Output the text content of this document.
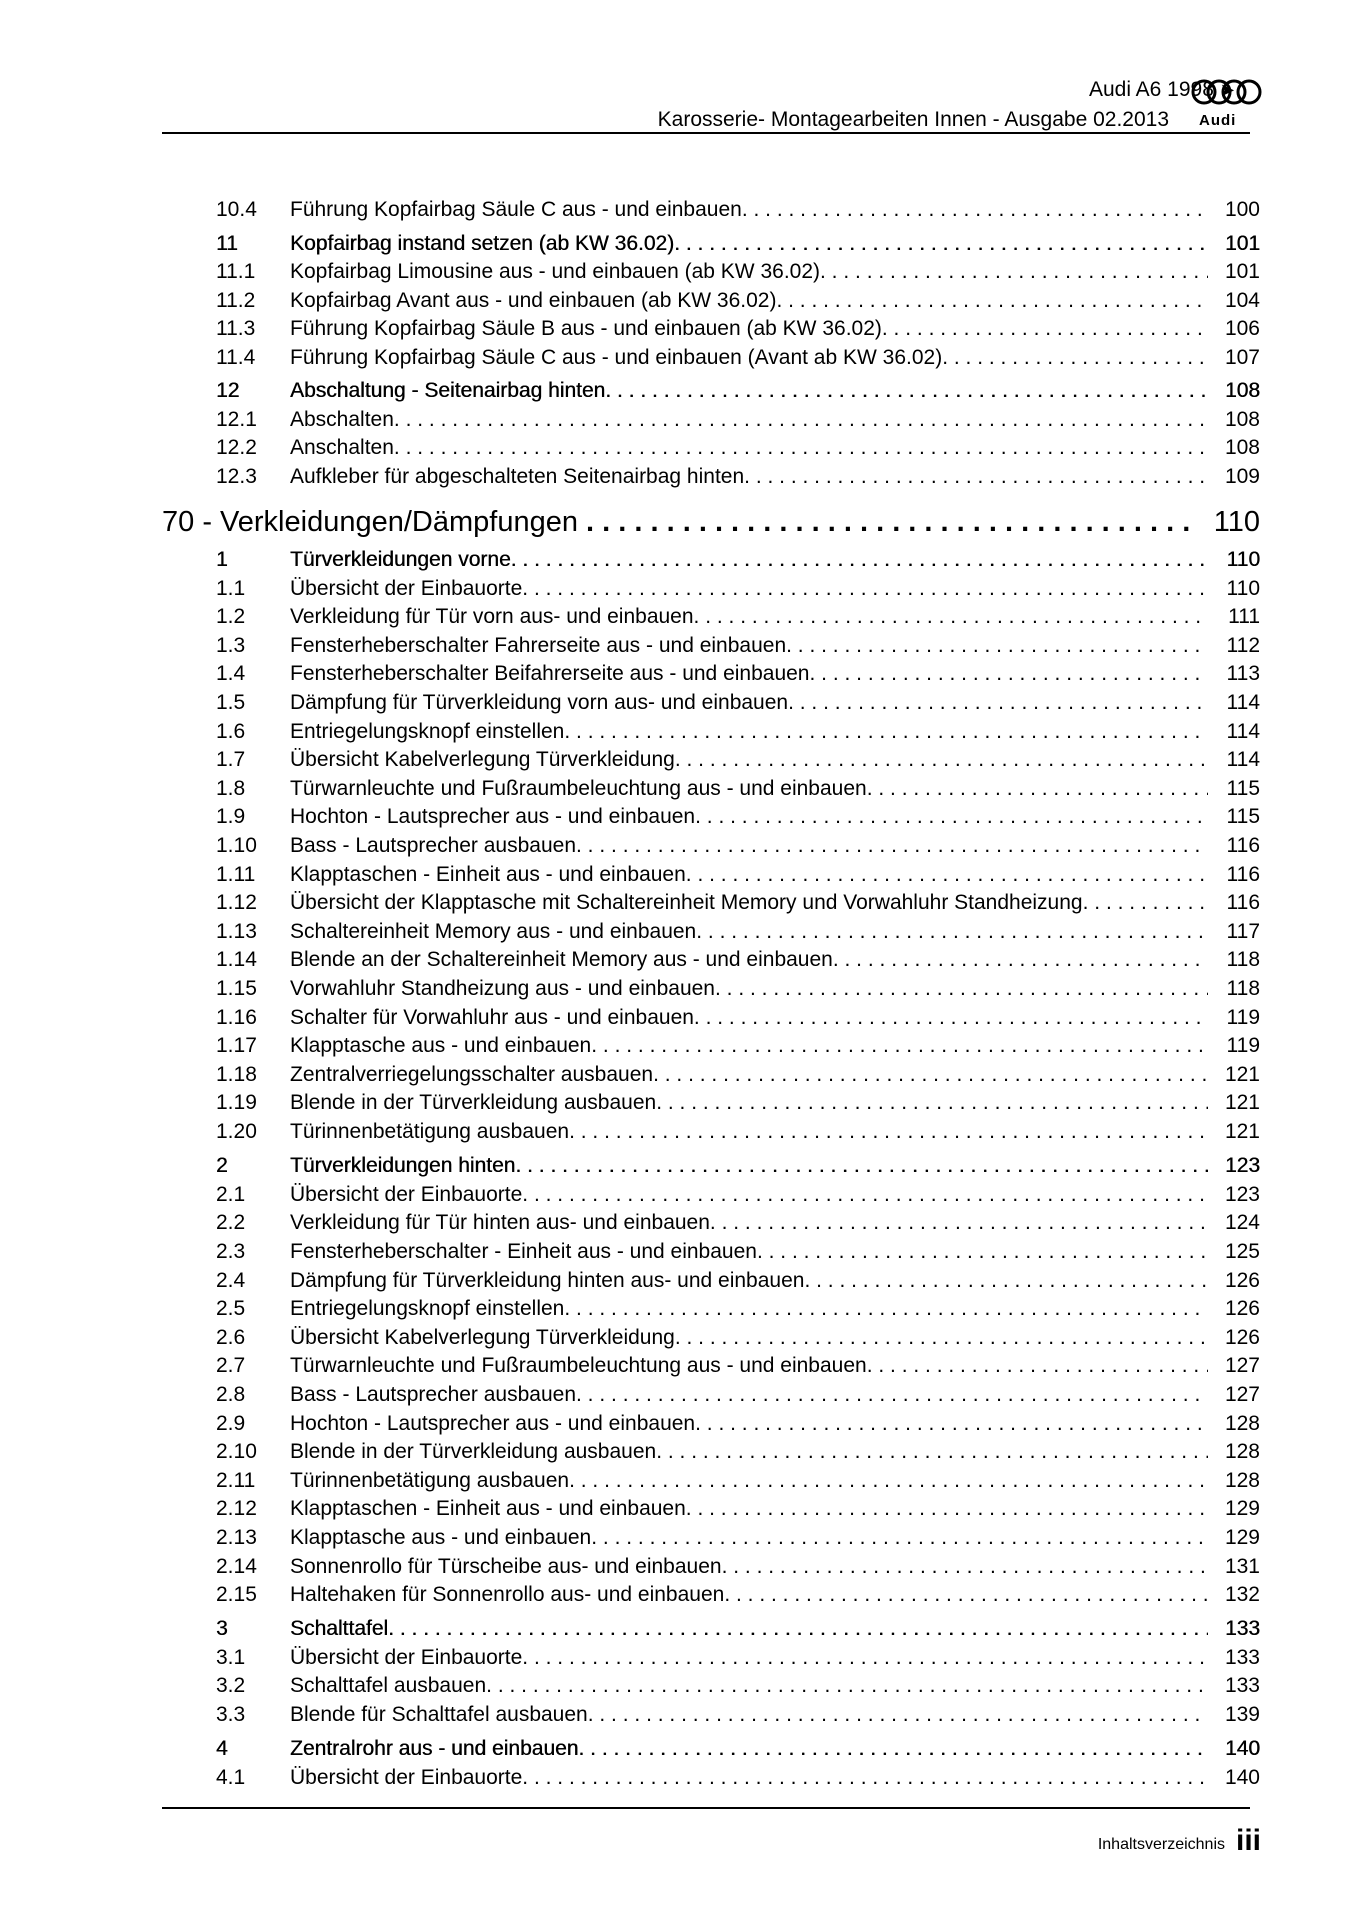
Audi A6 1998 ➤
Karosserie- Montagearbeiten Innen - Ausgabe 02.2013 Audi
10.4 Führung Kopfairbag Säule C aus - und einbauen . . .	100
11 Kopfairbag instand setzen (ab KW 36.02) . . .	101
11.1 Kopfairbag Limousine aus - und einbauen (ab KW 36.02) . . .	101
11.2 Kopfairbag Avant aus - und einbauen (ab KW 36.02) . . .	104
11.3 Führung Kopfairbag Säule B aus - und einbauen (ab KW 36.02) . . .	106
11.4 Führung Kopfairbag Säule C aus - und einbauen (Avant ab KW 36.02) . . .	107
12 Abschaltung - Seitenairbag hinten . . .	108
12.1 Abschalten . . .	108
12.2 Anschalten . . .	108
12.3 Aufkleber für abgeschalteten Seitenairbag hinten . . .	109
70 - Verkleidungen/Dämpfungen . . .	110
1	Türverkleidungen vorne . . .	110
1.1 Übersicht der Einbauorte . . .	110
1.2 Verkleidung für Tür vorn aus- und einbauen . . .	111
1.3 Fensterheberschalter Fahrerseite aus - und einbauen . . .	112
1.4 Fensterheberschalter Beifahrerseite aus - und einbauen . . .	113
1.5 Dämpfung für Türverkleidung vorn aus- und einbauen . . .	114
1.6 Entriegelungsknopf einstellen . . .	114
1.7 Übersicht Kabelverlegung Türverkleidung . . .	114
1.8 Türwarnleuchte und Fußraumbeleuchtung aus - und einbauen . . .	115
1.9 Hochton - Lautsprecher aus - und einbauen . . .	115
1.10 Bass - Lautsprecher ausbauen . . .	116
1.11 Klapptaschen - Einheit aus - und einbauen . . .	116
1.12 Übersicht der Klapptasche mit Schaltereinheit Memory und Vorwahluhr Standheizung . . .	116
1.13 Schaltereinheit Memory aus - und einbauen . . .	117
1.14 Blende an der Schaltereinheit Memory aus - und einbauen . . .	118
1.15 Vorwahluhr Standheizung aus - und einbauen . . .	118
1.16 Schalter für Vorwahluhr aus - und einbauen . . .	119
1.17 Klapptasche aus - und einbauen . . .	119
1.18 Zentralverriegelungsschalter ausbauen . . .	121
1.19 Blende in der Türverkleidung ausbauen . . .	121
1.20 Türinnenbetätigung ausbauen . . .	121
2	Türverkleidungen hinten . . .	123
2.1 Übersicht der Einbauorte . . .	123
2.2 Verkleidung für Tür hinten aus- und einbauen . . .	124
2.3 Fensterheberschalter - Einheit aus - und einbauen . . .	125
2.4 Dämpfung für Türverkleidung hinten aus- und einbauen . . .	126
2.5 Entriegelungsknopf einstellen . . .	126
2.6 Übersicht Kabelverlegung Türverkleidung . . .	126
2.7 Türwarnleuchte und Fußraumbeleuchtung aus - und einbauen . . .	127
2.8 Bass - Lautsprecher ausbauen . . .	127
2.9 Hochton - Lautsprecher aus - und einbauen . . .	128
2.10 Blende in der Türverkleidung ausbauen . . .	128
2.11 Türinnenbetätigung ausbauen . . .	128
2.12 Klapptaschen - Einheit aus - und einbauen . . .	129
2.13 Klapptasche aus - und einbauen . . .	129
2.14 Sonnenrollo für Türscheibe aus- und einbauen . . .	131
2.15 Haltehaken für Sonnenrollo aus- und einbauen . . .	132
3	Schalttafel . . .	133
3.1 Übersicht der Einbauorte . . .	133
3.2 Schalttafel ausbauen . . .	133
3.3 Blende für Schalttafel ausbauen . . .	139
4	Zentralrohr aus - und einbauen . . .	140
4.1 Übersicht der Einbauorte . . .	140
Inhaltsverzeichnis iii
